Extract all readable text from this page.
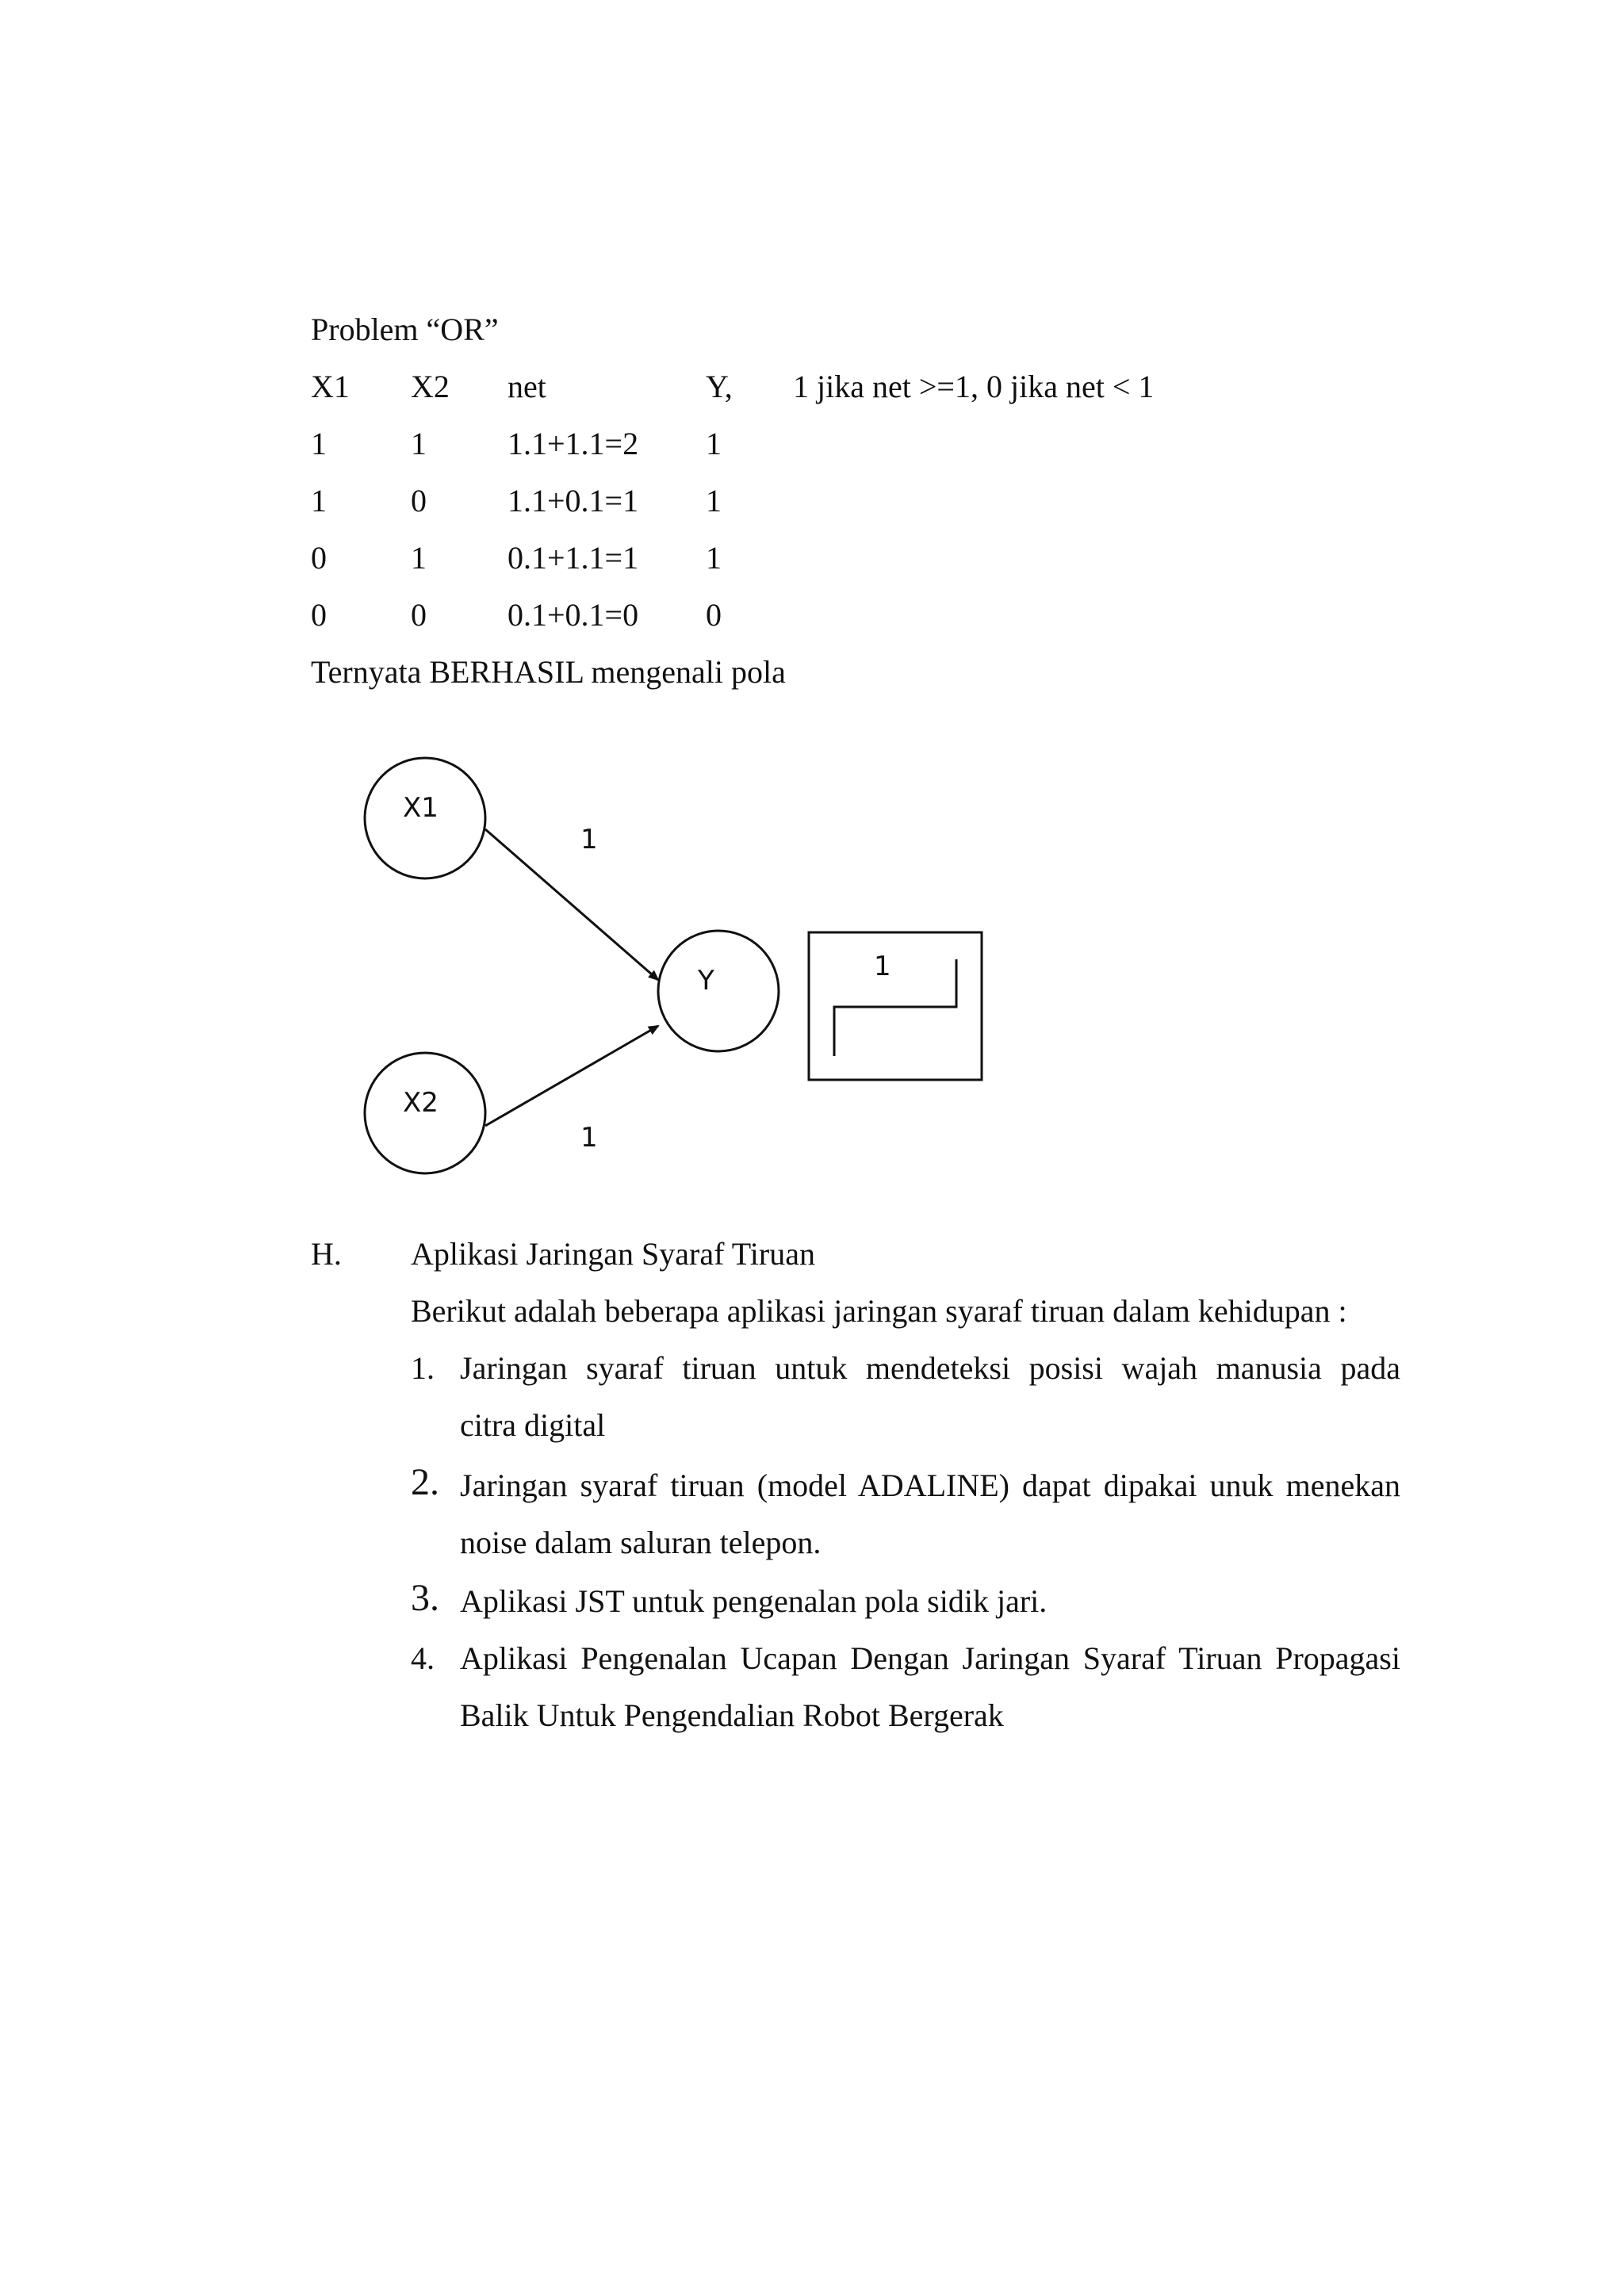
Problem “OR”
X1 X2 net	Y, 1 jika net >=1, 0 jika net < 1
1	1	1.1+1.1=2 1
1	0	1.1+0.1=1 1
0	1	0.1+1.1=1 1
0	0	0.1+0.1=0 0
Ternyata BERHASIL mengenali pola
X1
X2
Y
1
1
1
H. Aplikasi Jaringan Syaraf Tiruan
Berikut adalah beberapa aplikasi jaringan syaraf tiruan dalam kehidupan :
1. Jaringan syaraf tiruan untuk mendeteksi posisi wajah manusia pada
citra digital
2. Jaringan syaraf tiruan (model ADALINE) dapat dipakai unuk menekan
noise dalam saluran telepon.
3. Aplikasi JST untuk pengenalan pola sidik jari.
4. Aplikasi Pengenalan Ucapan Dengan Jaringan Syaraf Tiruan Propagasi
Balik Untuk Pengendalian Robot Bergerak
